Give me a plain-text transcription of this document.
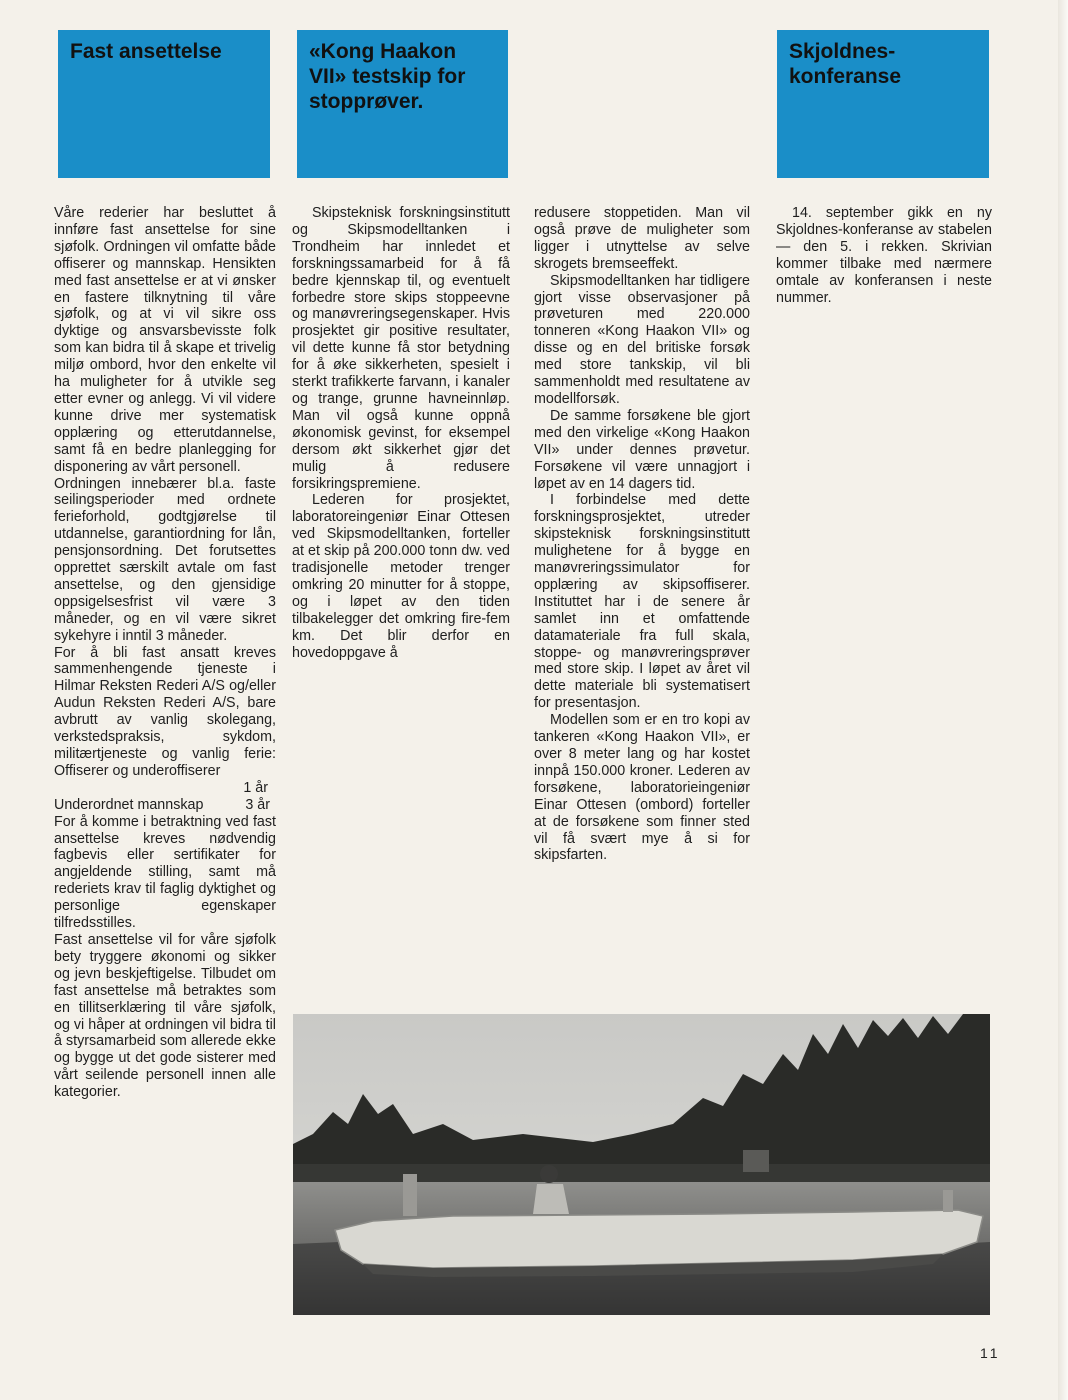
Fast ansettelse	«Kong Haakon VII» testskip for stopprøver.
Skjoldnes-konferanse

Våre rederier har besluttet å innføre fast ansettelse for sine sjøfolk. Ordningen vil omfatte både offiserer og mannskap. Hensikten med fast ansettelse er at vi ønsker en fastere tilknytning til våre sjøfolk, og at vi vil sikre oss dyktige og ansvarsbevisste folk som kan bidra til å skape et trivelig miljø ombord, hvor den enkelte vil ha muligheter for å utvikle seg etter evner og anlegg. Vi vil videre kunne drive mer systematisk opplæring og etterutdannelse, samt få en bedre planlegging for disponering av vårt personell.

Ordningen innebærer bl.a. faste seilingsperioder med ordnete ferieforhold, godtgjørelse til utdannelse, garantiordning for lån, pensjonsordning. Det forutsettes opprettet særskilt avtale om fast ansettelse, og den gjensidige oppsigelsesfrist vil være 3 måneder, og en vil være sikret sykehyre i inntil 3 måneder.

For å bli fast ansatt kreves sammenhengende tjeneste i Hilmar Reksten Rederi A/S og/eller Audun Reksten Rederi A/S, bare avbrutt av vanlig skolegang, verkstedspraksis, sykdom, militærtjeneste og vanlig ferie: Offiserer og underoffiserer

1 år

Underordnet mannskap	3 år

For å komme i betraktning ved fast ansettelse kreves nødvendig fagbevis eller sertifikater for angjeldende stilling, samt må rederiets krav til faglig dyktighet og personlige egenskaper tilfredsstilles.

Fast ansettelse vil for våre sjøfolk bety tryggere økonomi og sikker og jevn beskjeftigelse. Tilbudet om fast ansettelse må betraktes som en tillitserklæring til våre sjøfolk, og vi håper at ordningen vil bidra til å styrsamarbeid som allerede ekke og bygge ut det gode sisterer med vårt seilende personell innen alle kategorier.

Skipsteknisk forskningsinstitutt og Skipsmodelltanken i Trondheim har innledet et forskningssamarbeid for å få bedre kjennskap til, og eventuelt forbedre store skips stoppeevne og manøvreringsegenskaper. Hvis prosjektet gir positive resultater, vil dette kunne få stor betydning for å øke sikkerheten, spesielt i sterkt trafikkerte farvann, i kanaler og trange, grunne havneinnløp. Man vil også kunne oppnå økonomisk gevinst, for eksempel dersom økt sikkerhet gjør det mulig å redusere forsikringspremiene.

Lederen for prosjektet, laboratoreingeniør Einar Ottesen ved Skipsmodelltanken, forteller at et skip på 200.000 tonn dw. ved tradisjonelle metoder trenger omkring 20 minutter for å stoppe, og i løpet av den tiden tilbakelegger det omkring fire-fem km. Det blir derfor en hovedoppgave å

redusere stoppetiden. Man vil også prøve de muligheter som ligger i utnyttelse av selve skrogets bremseeffekt.

Skipsmodelltanken har tidligere gjort visse observasjoner på prøveturen med 220.000 tonneren «Kong Haakon VII» og disse og en del britiske forsøk med store tankskip, vil bli sammenholdt med resultatene av modellforsøk.

De samme forsøkene ble gjort med den virkelige «Kong Haakon VII» under dennes prøvetur. Forsøkene vil være unnagjort i løpet av en 14 dagers tid.

I forbindelse med dette forskningsprosjektet, utreder skipsteknisk forskningsinstitutt mulighetene for å bygge en manøvreringssimulator for opplæring av skipsoffiserer. Instituttet har i de senere år samlet inn et omfattende datamateriale fra full skala, stoppe- og manøvreringsprøver med store skip. I løpet av året vil dette materiale bli systematisert for presentasjon.

Modellen som er en tro kopi av tankeren «Kong Haakon VII», er over 8 meter lang og har kostet innpå 150.000 kroner. Lederen av forsøkene, laboratorieingeniør Einar Ottesen (ombord) forteller at de forsøkene som finner sted vil få svært mye å si for skipsfarten.

14. september gikk en ny Skjoldnes-konferanse av stabelen — den 5. i rekken. Skrivian kommer tilbake med nærmere omtale av konferansen i neste nummer.

11
